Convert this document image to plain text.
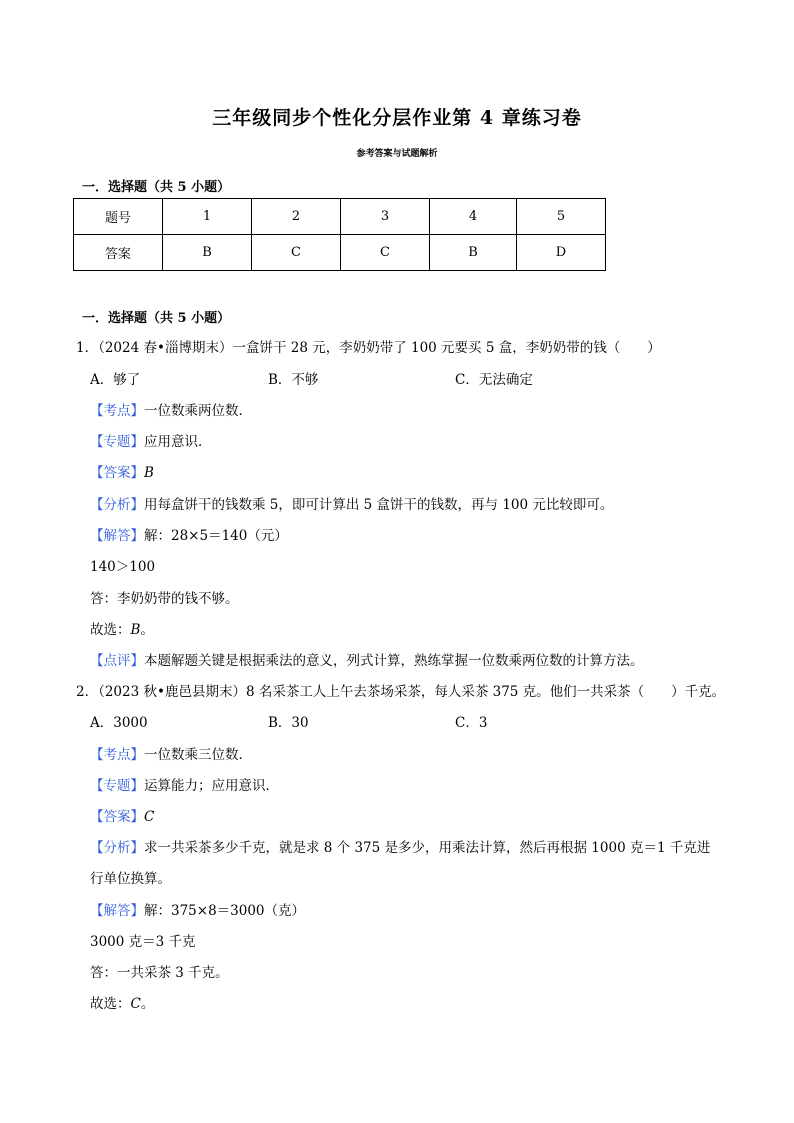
三年级同步个性化分层作业第 4 章练习卷
参考答案与试题解析
一．选择题（共 5 小题）
题号	1	2	3	4	5
答案	B	C	C	B	D
一．选择题（共 5 小题）
1．（2024 春•淄博期末）一盒饼干 28 元，李奶奶带了 100 元要买 5 盒，李奶奶带的钱（　　）
A．够了	B．不够	C．无法确定
【考点】一位数乘两位数．
【专题】应用意识．
【答案】B
【分析】用每盒饼干的钱数乘 5，即可计算出 5 盒饼干的钱数，再与 100 元比较即可。
【解答】解：28×5＝140（元）
140＞100
答：李奶奶带的钱不够。
故选：B。
【点评】本题解题关键是根据乘法的意义，列式计算，熟练掌握一位数乘两位数的计算方法。
2．（2023 秋•鹿邑县期末）8 名采茶工人上午去茶场采茶，每人采茶 375 克。他们一共采茶（　　）千克。
A．3000	B．30	C．3
【考点】一位数乘三位数．
【专题】运算能力；应用意识．
【答案】C
【分析】求一共采茶多少千克，就是求 8 个 375 是多少，用乘法计算，然后再根据 1000 克＝1 千克进
行单位换算。
【解答】解：375×8＝3000（克）
3000 克＝3 千克
答：一共采茶 3 千克。
故选：C。
